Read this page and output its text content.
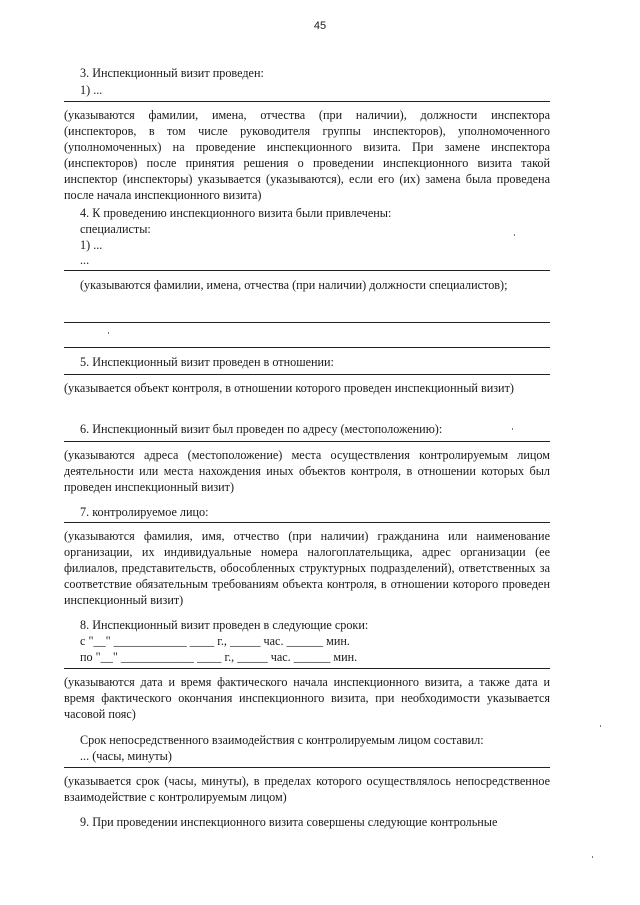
45
3. Инспекционный визит проведен:
1) ...
(указываются фамилии, имена, отчества (при наличии), должности инспектора (инспекторов, в том числе руководителя группы инспекторов), уполномоченного (уполномоченных) на проведение инспекционного визита. При замене инспектора (инспекторов) после принятия решения о проведении инспекционного визита такой инспектор (инспекторы) указывается (указываются), если его (их) замена была проведена после начала инспекционного визита)
4. К проведению инспекционного визита были привлечены:
специалисты:
1) ...
...
(указываются фамилии, имена, отчества (при наличии) должности специалистов);
5. Инспекционный визит проведен в отношении:
(указывается объект контроля, в отношении которого проведен инспекционный визит)
6. Инспекционный визит был проведен по адресу (местоположению):
(указываются адреса (местоположение) места осуществления контролируемым лицом деятельности или места нахождения иных объектов контроля, в отношении которых был проведен инспекционный визит)
7. контролируемое лицо:
(указываются фамилия, имя, отчество (при наличии) гражданина или наименование организации, их индивидуальные номера налогоплательщика, адрес организации (ее филиалов, представительств, обособленных структурных подразделений), ответственных за соответствие обязательным требованиям объекта контроля, в отношении которого проведен инспекционный визит)
8. Инспекционный визит проведен в следующие сроки:
с "__" ____________ ____ г., _____ час. ______ мин.
по "__" ____________ ____ г., _____ час. ______ мин.
(указываются дата и время фактического начала инспекционного визита, а также дата и время фактического окончания инспекционного визита, при необходимости указывается часовой пояс)
Срок непосредственного взаимодействия с контролируемым лицом составил:
... (часы, минуты)
(указывается срок (часы, минуты), в пределах которого осуществлялось непосредственное взаимодействие с контролируемым лицом)
9. При проведении инспекционного визита совершены следующие контрольные
